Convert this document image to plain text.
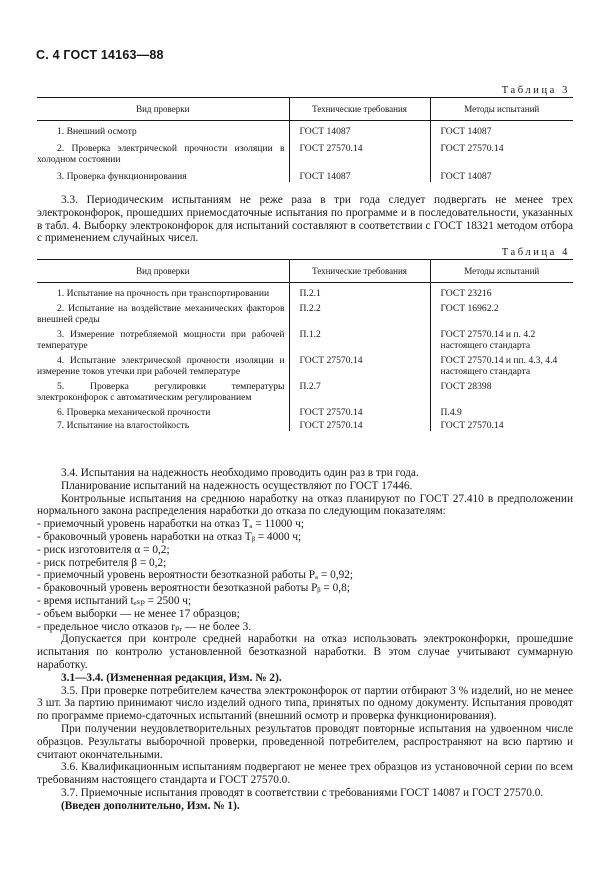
С. 4 ГОСТ 14163—88
Таблица 3
Вид проверки	Технические требования	Методы испытаний
1. Внешний осмотр	ГОСТ 14087	ГОСТ 14087
2. Проверка электрической прочности изоляции в холодном состоянии	ГОСТ 27570.14	ГОСТ 27570.14
3. Проверка функционирования	ГОСТ 14087	ГОСТ 14087

3.3. Периодическим испытаниям не реже раза в три года следует подвергать не менее трех электроконфорок, прошедших приемосдаточные испытания по программе и в последовательности, указанных в табл. 4. Выборку электроконфорок для испытаний составляют в соответствии с ГОСТ 18321 методом отбора с применением случайных чисел.

Таблица 4
Вид проверки	Технические требования	Методы испытаний
1. Испытание на прочность при транспортировании	П.2.1	ГОСТ 23216
2. Испытание на воздействие механических факторов внешней среды	П.2.2	ГОСТ 16962.2
3. Измерение потребляемой мощности при рабочей температуре	П.1.2	ГОСТ 27570.14 и п. 4.2 настоящего стандарта
4. Испытание электрической прочности изоляции и измерение токов утечки при рабочей температуре	ГОСТ 27570.14	ГОСТ 27570.14 и пп. 4.3, 4.4 настоящего стандарта
5. Проверка регулировки температуры электроконфорок с автоматическим регулированием	П.2.7	ГОСТ 28398
6. Проверка механической прочности	ГОСТ 27570.14	П.4.9
7. Испытание на влагостойкость	ГОСТ 27570.14	ГОСТ 27570.14

3.4. Испытания на надежность необходимо проводить один раз в три года.

Планирование испытаний на надежность осуществляют по ГОСТ 17446.

Контрольные испытания на среднюю наработку на отказ планируют по ГОСТ 27.410 в предположении нормального закона распределения наработки до отказа по следующим показателям:

- приемочный уровень наработки на отказ Tₐ = 11000 ч;

- браковочный уровень наработки на отказ Tᵦ = 4000 ч;

- риск изготовителя α = 0,2;

- риск потребителя β = 0,2;

- приемочный уровень вероятности безотказной работы Pₐ = 0,92;

- браковочный уровень вероятности безотказной работы Pᵦ = 0,8;

- время испытаний tₑₛₚ = 2500 ч;

- объем выборки — не менее 17 образцов;

- предельное число отказов rₚᵣ — не более 3.

Допускается при контроле средней наработки на отказ использовать электроконфорки, прошедшие испытания по контролю установленной безотказной наработки. В этом случае учитывают суммарную наработку.

3.1—3.4. (Измененная редакция, Изм. № 2).

3.5. При проверке потребителем качества электроконфорок от партии отбирают 3 % изделий, но не менее 3 шт. За партию принимают число изделий одного типа, принятых по одному документу. Испытания проводят по программе приемо-сдаточных испытаний (внешний осмотр и проверка функционирования).

При получении неудовлетворительных результатов проводят повторные испытания на удвоенном числе образцов. Результаты выборочной проверки, проведенной потребителем, распространяют на всю партию и считают окончательными.

3.6. Квалификационным испытаниям подвергают не менее трех образцов из установочной серии по всем требованиям настоящего стандарта и ГОСТ 27570.0.

3.7. Приемочные испытания проводят в соответствии с требованиями ГОСТ 14087 и ГОСТ 27570.0.

(Введен дополнительно, Изм. № 1).
